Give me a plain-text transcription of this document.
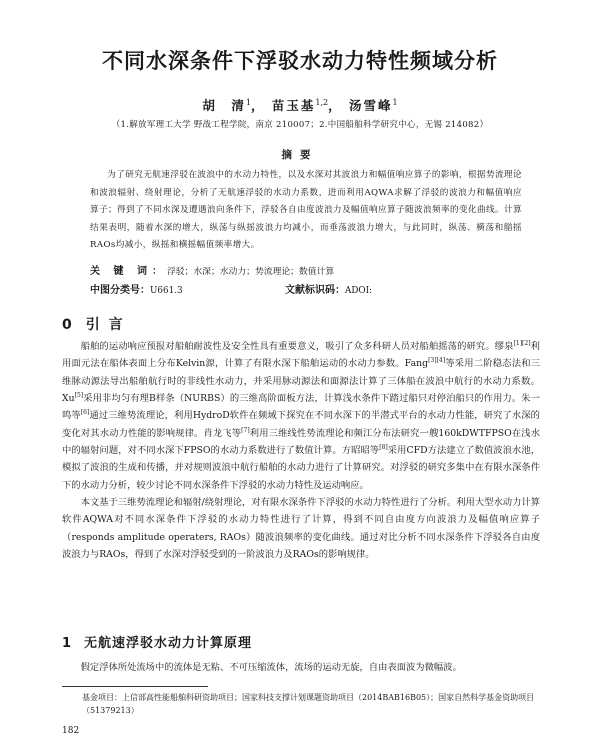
不同水深条件下浮驳水动力特性频域分析
胡　清$^1$， 苗玉基$^{1,2}$， 汤雪峰$^1$
（1.解放军理工大学 野战工程学院，南京 210007；2.中国船舶科学研究中心，无锡 214082）
摘要
为了研究无航速浮驳在波浪中的水动力特性，以及水深对其波浪力和幅值响应算子的影响，根据势流理论和波浪辐射、绕射理论，分析了无航速浮驳的水动力系数，进而利用AQWA求解了浮驳的波浪力和幅值响应算子；得到了不同水深及遭遇浪向条件下，浮驳各自由度波浪力及幅值响应算子随波浪频率的变化曲线。计算结果表明，随着水深的增大，纵荡与纵摇波浪力均减小，而垂荡波浪力增大，与此同时，纵荡、横荡和艏摇RAOs均减小，纵摇和横摇幅值频率增大。
关 键 词：浮驳；水深；水动力；势流理论；数值计算
中图分类号：U661.3	文献标识码：ADOI:
0 引 言

船舶的运动响应预报对船舶耐波性及安全性具有重要意义，吸引了众多科研人员对船舶摇荡的研究。缪泉[1][2]利用面元法在船体表面上分布Kelvin源，计算了有限水深下船舶运动的水动力参数。Fang[3][4]等采用二阶稳态法和三维脉动源法导出船舶航行时的非线性水动力，并采用脉动源法和面源法计算了三体船在波浪中航行的水动力系数。Xu[5]采用非均匀有理B样条（NURBS）的三维高阶面板方法，计算浅水条件下踏过船只对停泊船只的作用力。朱一鸣等[6]通过三维势流理论，利用HydroD软件在频域下探究在不同水深下的半潜式平台的水动力性能，研究了水深的变化对其水动力性能的影响规律。肖龙飞等[7]利用三维线性势流理论和频江分布法研究一艘160kDWTFPSO在浅水中的辐射问题，对不同水深下FPSO的水动力系数进行了数值计算。方昭昭等[8]采用CFD方法建立了数值波浪水池，模拟了波浪的生成和传播，并对规则波浪中航行船舶的水动力进行了计算研究。对浮驳的研究多集中在有限水深条件下的水动力分析，较少讨论不同水深条件下浮驳的水动力特性及运动响应。

本文基于三维势流理论和辐射/绕射理论，对有限水深条件下浮驳的水动力特性进行了分析。利用大型水动力计算软件AQWA对不同水深条件下浮驳的水动力特性进行了计算，得到不同自由度方向波浪力及幅值响应算子（responds amplitude operaters, RAOs）随波浪频率的变化曲线。通过对比分析不同水深条件下浮驳各自由度波浪力与RAOs，得到了水深对浮驳受到的一阶波浪力及RAOs的影响规律。

1 无航速浮驳水动力计算原理
假定浮体所处流场中的流体是无粘、不可压缩流体，流场的运动无旋，自由表面波为微幅波。
基金项目：上信部高性能船舶科研资助项目；国家科技支撑计划课题资助项目（2014BAB16B05）；国家自然科学基金资助项目（51379213）
182
